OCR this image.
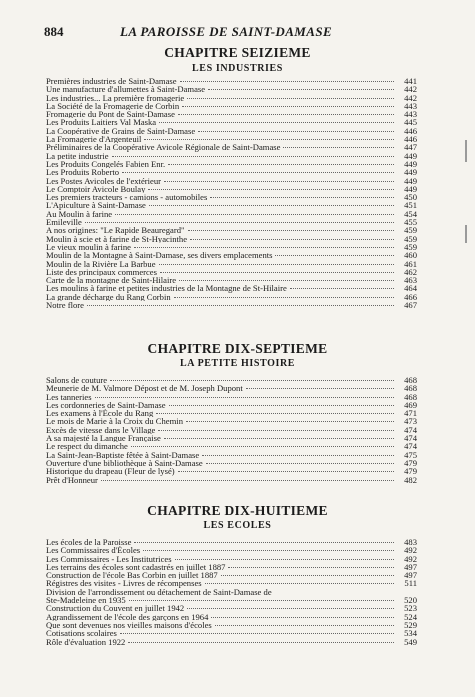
884	LA PAROISSE DE SAINT-DAMASE
CHAPITRE SEIZIEME
LES INDUSTRIES
Premières industries de Saint-Damase	441
Une manufacture d'allumettes à Saint-Damase	442
Les industries... La première fromagerie	442
La Société de la Fromagerie de Corbin	443
Fromagerie du Pont de Saint-Damase	443
Les Produits Laitiers Val Maska	445
La Coopérative de Grains de Saint-Damase	446
La Fromagerie d'Argenteuil	446
Préliminaires de la Coopérative Avicole Régionale de Saint-Damase	447
La petite industrie	449
Les Produits Congelés Fabien Enr.	449
Les Produits Roberto	449
Les Postes Avicoles de l'extérieur	449
Le Comptoir Avicole Boulay	449
Les premiers tracteurs - camions - automobiles	450
L'Apiculture à Saint-Damase	451
Au Moulin à farine	454
Emileville	455
A nos origines: "Le Rapide Beauregard"	459
Moulin à scie et à farine de St-Hyacinthe	459
Le vieux moulin à farine	459
Moulin de la Montagne à Saint-Damase, ses divers emplacements	460
Moulin de la Rivière La Barbue	461
Liste des principaux commerces	462
Carte de la montagne de Saint-Hilaire	463
Les moulins à farine et petites industries de la Montagne de St-Hilaire	464
La grande décharge du Rang Corbin	466
Notre flore	467
CHAPITRE DIX-SEPTIEME
LA PETITE HISTOIRE
Salons de couture	468
Meunerie de M. Valmore Dépost et de M. Joseph Dupont	468
Les tanneries	468
Les cordonneries de Saint-Damase	469
Les examens à l'École du Rang	471
Le mois de Marie à la Croix du Chemin	473
Excès de vitesse dans le Village	474
A sa majesté la Langue Française	474
Le respect du dimanche	474
La Saint-Jean-Baptiste fêtée à Saint-Damase	475
Ouverture d'une bibliothèque à Saint-Damase	479
Historique du drapeau (Fleur de lysé)	479
Prêt d'Honneur	482
CHAPITRE DIX-HUITIEME
LES ECOLES
Les écoles de la Paroisse	483
Les Commissaires d'Écoles	492
Les Commissaires - Les Institutrices	492
Les terrains des écoles sont cadastrés en juillet 1887	497
Construction de l'école Bas Corbin en juillet 1887	497
Régistres des visites - Livres de récompenses	511
Division de l'arrondissement ou détachement de Saint-Damase de
Ste-Madeleine en 1935	520
Construction du Couvent en juillet 1942	523
Agrandissement de l'école des garçons en 1964	524
Que sont devenues nos vieilles maisons d'écoles	529
Cotisations scolaires	534
Rôle d'évaluation 1922	549
